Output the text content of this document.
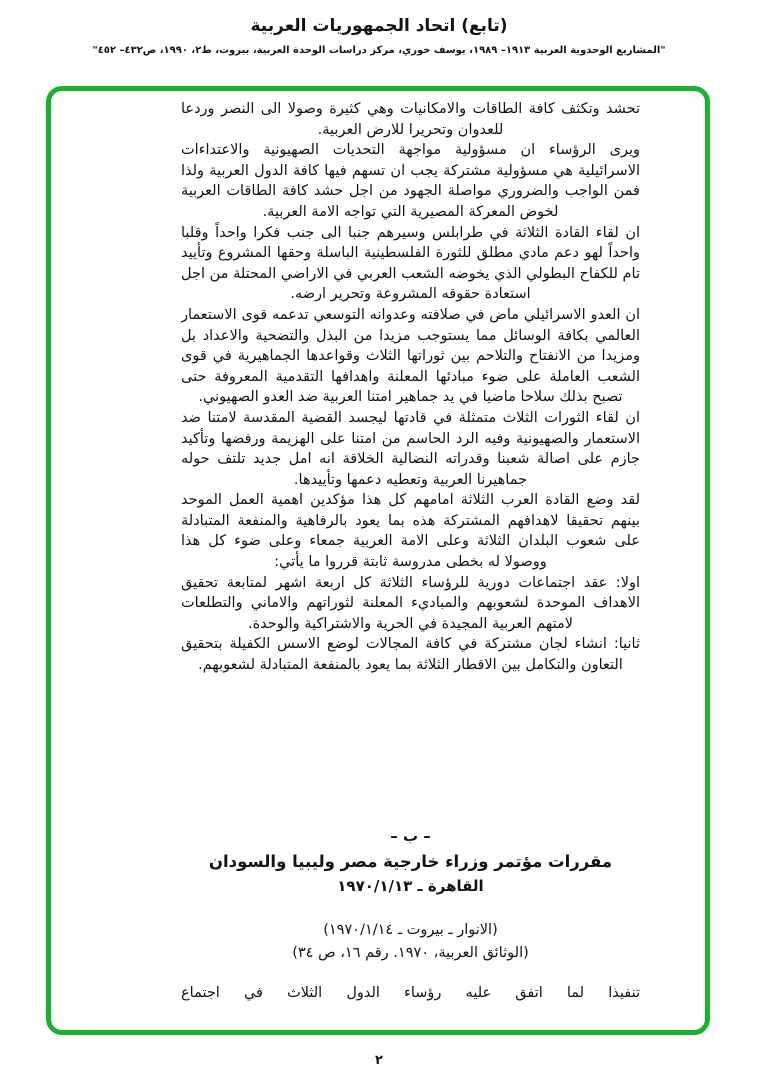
(تابع) اتحاد الجمهوريات العربية
"المشاريع الوحدوية العربية ١٩١٣– ١٩٨٩، يوسف خوري، مركز دراسات الوحدة العربية، بيروت، ط٢، ١٩٩٠، ص٤٣٢– ٤٥٢"

تحشد وتكثف كافة الطاقات والامكانيات وهي كثيرة وصولا الى النصر وردعا للعدوان وتحريرا للارض العربية.

ويرى الرؤساء ان مسؤولية مواجهة التحديات الصهيونية والاعتداءات الاسرائيلية هي مسؤولية مشتركة يجب ان تسهم فيها كافة الدول العربية ولذا فمن الواجب والضروري مواصلة الجهود من اجل حشد كافة الطاقات العربية لخوض المعركة المصيرية التي تواجه الامة العربية.

ان لقاء القادة الثلاثة في طرابلس وسيرهم جنبا الى جنب فكرا واحداً وقلبا واحداً لهو دعم مادي مطلق للثورة الفلسطينية الباسلة وحقها المشروع وتأييد تام للكفاح البطولي الذي يخوضه الشعب العربي في الاراضي المحتلة من اجل استعادة حقوقه المشروعة وتحرير ارضه.

ان العدو الاسرائيلي ماض في صلافته وعدوانه التوسعي تدعمه قوى الاستعمار العالمي بكافة الوسائل مما يستوجب مزيدا من البذل والتضحية والاعداد بل ومزيدا من الانفتاح والتلاحم بين ثوراتها الثلاث وقواعدها الجماهيرية في قوى الشعب العاملة على ضوء مبادئها المعلنة واهدافها التقدمية المعروفة حتى تصبح بذلك سلاحا ماضيا في يد جماهير امتنا العربية ضد العدو الصهيوني.

ان لقاء الثورات الثلاث متمثلة في قادتها ليجسد القضية المقدسة لامتنا ضد الاستعمار والصهيونية وفيه الرد الحاسم من امتنا على الهزيمة ورفضها وتأكيد جازم على اصالة شعبنا وقدراته النضالية الخلاقة انه امل جديد تلتف حوله جماهيرنا العربية وتعطيه دعمها وتأييدها.

لقد وضع القادة العرب الثلاثة امامهم كل هذا مؤكدين اهمية العمل الموحد بينهم تحقيقا لاهدافهم المشتركة هذه بما يعود بالرفاهية والمنفعة المتبادلة على شعوب البلدان الثلاثة وعلى الامة العربية جمعاء وعلى ضوء كل هذا ووصولا له بخطى مدروسة ثابتة قرروا ما يأتي:

اولا: عقد اجتماعات دورية للرؤساء الثلاثة كل اربعة اشهر لمتابعة تحقيق الاهداف الموحدة لشعوبهم والمباديء المعلنة لثوراتهم والاماني والتطلعات لامتهم العربية المجيدة في الحرية والاشتراكية والوحدة.

ثانيا: انشاء لجان مشتركة في كافة المجالات لوضع الاسس الكفيلة بتحقيق التعاون والتكامل بين الاقطار الثلاثة بما يعود بالمنفعة المتبادلة لشعوبهم.

– ب –
مقررات مؤتمر وزراء خارجية مصر وليبيا والسودان
القاهرة ـ ١٩٧٠/١/١٣
(الانوار ـ بيروت ـ ١٩٧٠/١/١٤)
(الوثائق العربية، ١٩٧٠. رقم ١٦، ص ٣٤)

تنفيذا لما اتفق عليه رؤساء الدول الثلاث في اجتماع

٢
